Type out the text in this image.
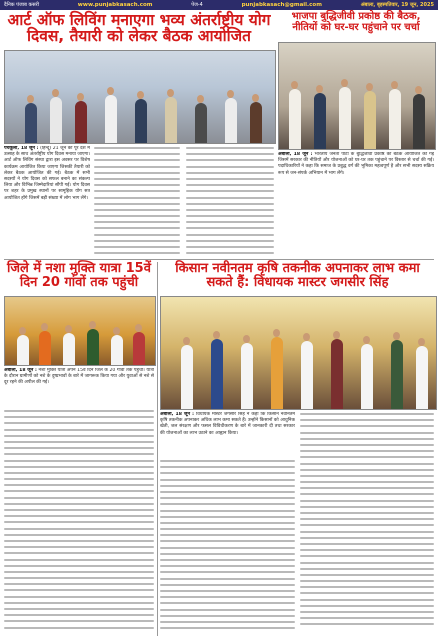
दैनिक पंजाब कसरी	www.punjabkasach.com	पेज-4	punjabkasach@gmail.com	अंबाला, बृहस्पतिवार, 19 जून, 2025
आर्ट ऑफ लिविंग मनाएगा भव्य अंतर्राष्ट्रीय योग दिवस, तैयारी को लेकर बैठक आयोजित
पंचकूला, 18 जून : (हिन्दू) 21 जून को पूरे देश में उत्साह के साथ अंतर्राष्ट्रीय योग दिवस मनाया जाएगा। आर्ट ऑफ लिविंग संस्था द्वारा इस अवसर पर विशेष कार्यक्रम आयोजित किया जाएगा जिसकी तैयारी को लेकर बैठक आयोजित की गई। बैठक में सभी सदस्यों ने योग दिवस को सफल बनाने का संकल्प लिया और विभिन्न जिम्मेदारियां सौंपी गईं। योग दिवस पर शहर के प्रमुख स्थानों पर सामूहिक योग सत्र आयोजित होंगे जिसमें बड़ी संख्या में लोग भाग लेंगे।
भाजपा बुद्धिजीवी प्रकोष्ठ की बैठक, नीतियों को घर-घर पहुंचाने पर चर्चा
अंबाला, 18 जून : भारतीय जनता पार्टी के बुद्धिजीवी प्रकोष्ठ की बैठक आयोजित की गई जिसमें सरकार की नीतियों और योजनाओं को घर-घर तक पहुंचाने पर विस्तार से चर्चा की गई। पदाधिकारियों ने कहा कि समाज के प्रबुद्ध वर्ग की भूमिका महत्वपूर्ण है और सभी सदस्य सक्रिय रूप से जन-संपर्क अभियान में भाग लेंगे।
जिले में नशा मुक्ति यात्रा 15वें दिन 20 गांवों तक पहुंची
अंबाला, 18 जून : नशा मुक्ति यात्रा अपने 15वें दिन जिले के 20 गांवों तक पहुंची। यात्रा के दौरान ग्रामीणों को नशे के दुष्प्रभावों के बारे में जागरूक किया गया और युवाओं से नशे से दूर रहने की अपील की गई।
किसान नवीनतम कृषि तकनीक अपनाकर लाभ कमा सकते हैं: विधायक मास्टर जगसीर सिंह
अंबाला, 18 जून : विधायक मास्टर जगसीर सिंह ने कहा कि किसान नवीनतम कृषि तकनीक अपनाकर अधिक लाभ कमा सकते हैं। उन्होंने किसानों को आधुनिक खेती, जल संरक्षण और फसल विविधीकरण के बारे में जानकारी दी तथा सरकार की योजनाओं का लाभ उठाने का आह्वान किया।
